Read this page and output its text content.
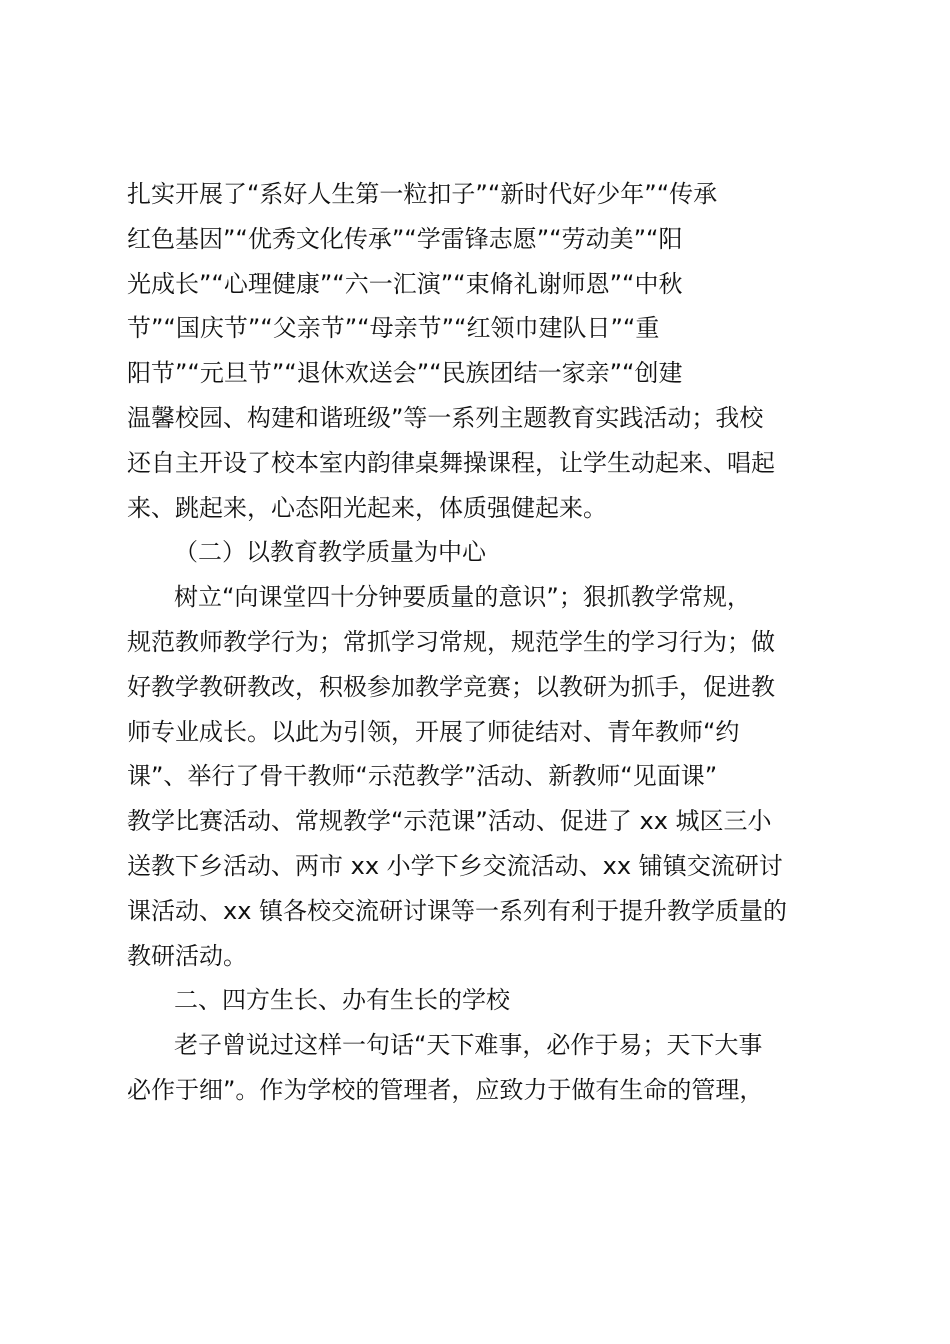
扎实开展了“系好人生第一粒扣子”“新时代好少年”“传承
红色基因”“优秀文化传承”“学雷锋志愿”“劳动美”“阳
光成长”“心理健康”“六一汇演”“束脩礼谢师恩”“中秋
节”“国庆节”“父亲节”“母亲节”“红领巾建队日”“重
阳节”“元旦节”“退休欢送会”“民族团结一家亲”“创建
温馨校园、构建和谐班级”等一系列主题教育实践活动；我校
还自主开设了校本室内韵律桌舞操课程，让学生动起来、唱起
来、跳起来，心态阳光起来，体质强健起来。
（二）以教育教学质量为中心
树立“向课堂四十分钟要质量的意识”；狠抓教学常规，
规范教师教学行为；常抓学习常规，规范学生的学习行为；做
好教学教研教改，积极参加教学竞赛；以教研为抓手，促进教
师专业成长。以此为引领，开展了师徒结对、青年教师“约
课”、举行了骨干教师“示范教学”活动、新教师“见面课”
教学比赛活动、常规教学“示范课”活动、促进了 xx 城区三小
送教下乡活动、两市 xx 小学下乡交流活动、xx 铺镇交流研讨
课活动、xx 镇各校交流研讨课等一系列有利于提升教学质量的
教研活动。
二、四方生长、办有生长的学校
老子曾说过这样一句话“天下难事，必作于易；天下大事
必作于细”。作为学校的管理者，应致力于做有生命的管理，
